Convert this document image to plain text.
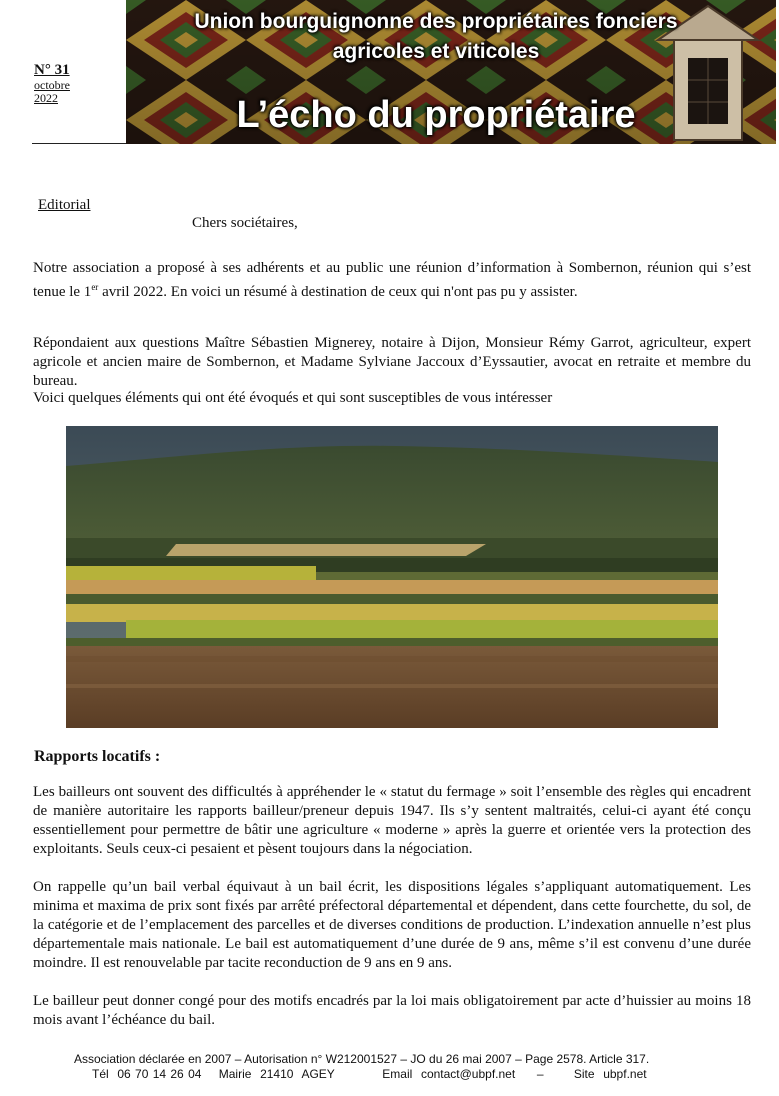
N° 31
octobre
2022
Union bourguignonne des propriétaires fonciers
agricoles et viticoles
L’écho du propriétaire
Editorial
Chers sociétaires,
Notre association a proposé à ses adhérents et au public une réunion d’information à Sombernon, réunion qui s’est tenue le 1er avril 2022. En voici un résumé à destination de ceux qui n'ont pas pu y assister.
Répondaient aux questions Maître Sébastien Mignerey, notaire à Dijon, Monsieur Rémy Garrot, agriculteur, expert agricole et ancien maire de Sombernon, et Madame Sylviane Jaccoux d’Eyssautier, avocat en retraite et membre du bureau.
Voici quelques éléments qui ont été évoqués et qui sont susceptibles de vous intéresser
Rapports locatifs :
Les bailleurs ont souvent des difficultés à appréhender le « statut du fermage » soit l’ensemble des règles qui encadrent de manière autoritaire les rapports bailleur/preneur depuis 1947. Ils s’y sentent maltraités, celui-ci ayant été conçu essentiellement pour permettre de bâtir une agriculture « moderne » après la guerre et orientée vers la protection des exploitants. Seuls ceux-ci pesaient et pèsent toujours dans la négociation.
On rappelle qu’un bail verbal équivaut à un bail écrit, les dispositions légales s’appliquant automatiquement. Les minima et maxima de prix sont fixés par arrêté préfectoral départemental et dépendent, dans cette fourchette, du sol, de la catégorie et de l’emplacement des parcelles et de diverses conditions de production. L’indexation annuelle n’est plus départementale mais nationale. Le bail est automatiquement d’une durée de 9 ans, même s’il est convenu d’une durée moindre. Il est renouvelable par tacite reconduction de 9 ans en 9 ans.
Le bailleur peut donner congé pour des motifs encadrés par la loi mais obligatoirement par acte d’huissier au moins 18 mois avant l’échéance du bail.
Association déclarée en 2007 – Autorisation n° W212001527 – JO du 26 mai 2007 – Page 2578. Article 317.
Tél  06 70 14 26 04    Mairie  21410  AGEY           Email  contact@ubpf.net     –       Site  ubpf.net
